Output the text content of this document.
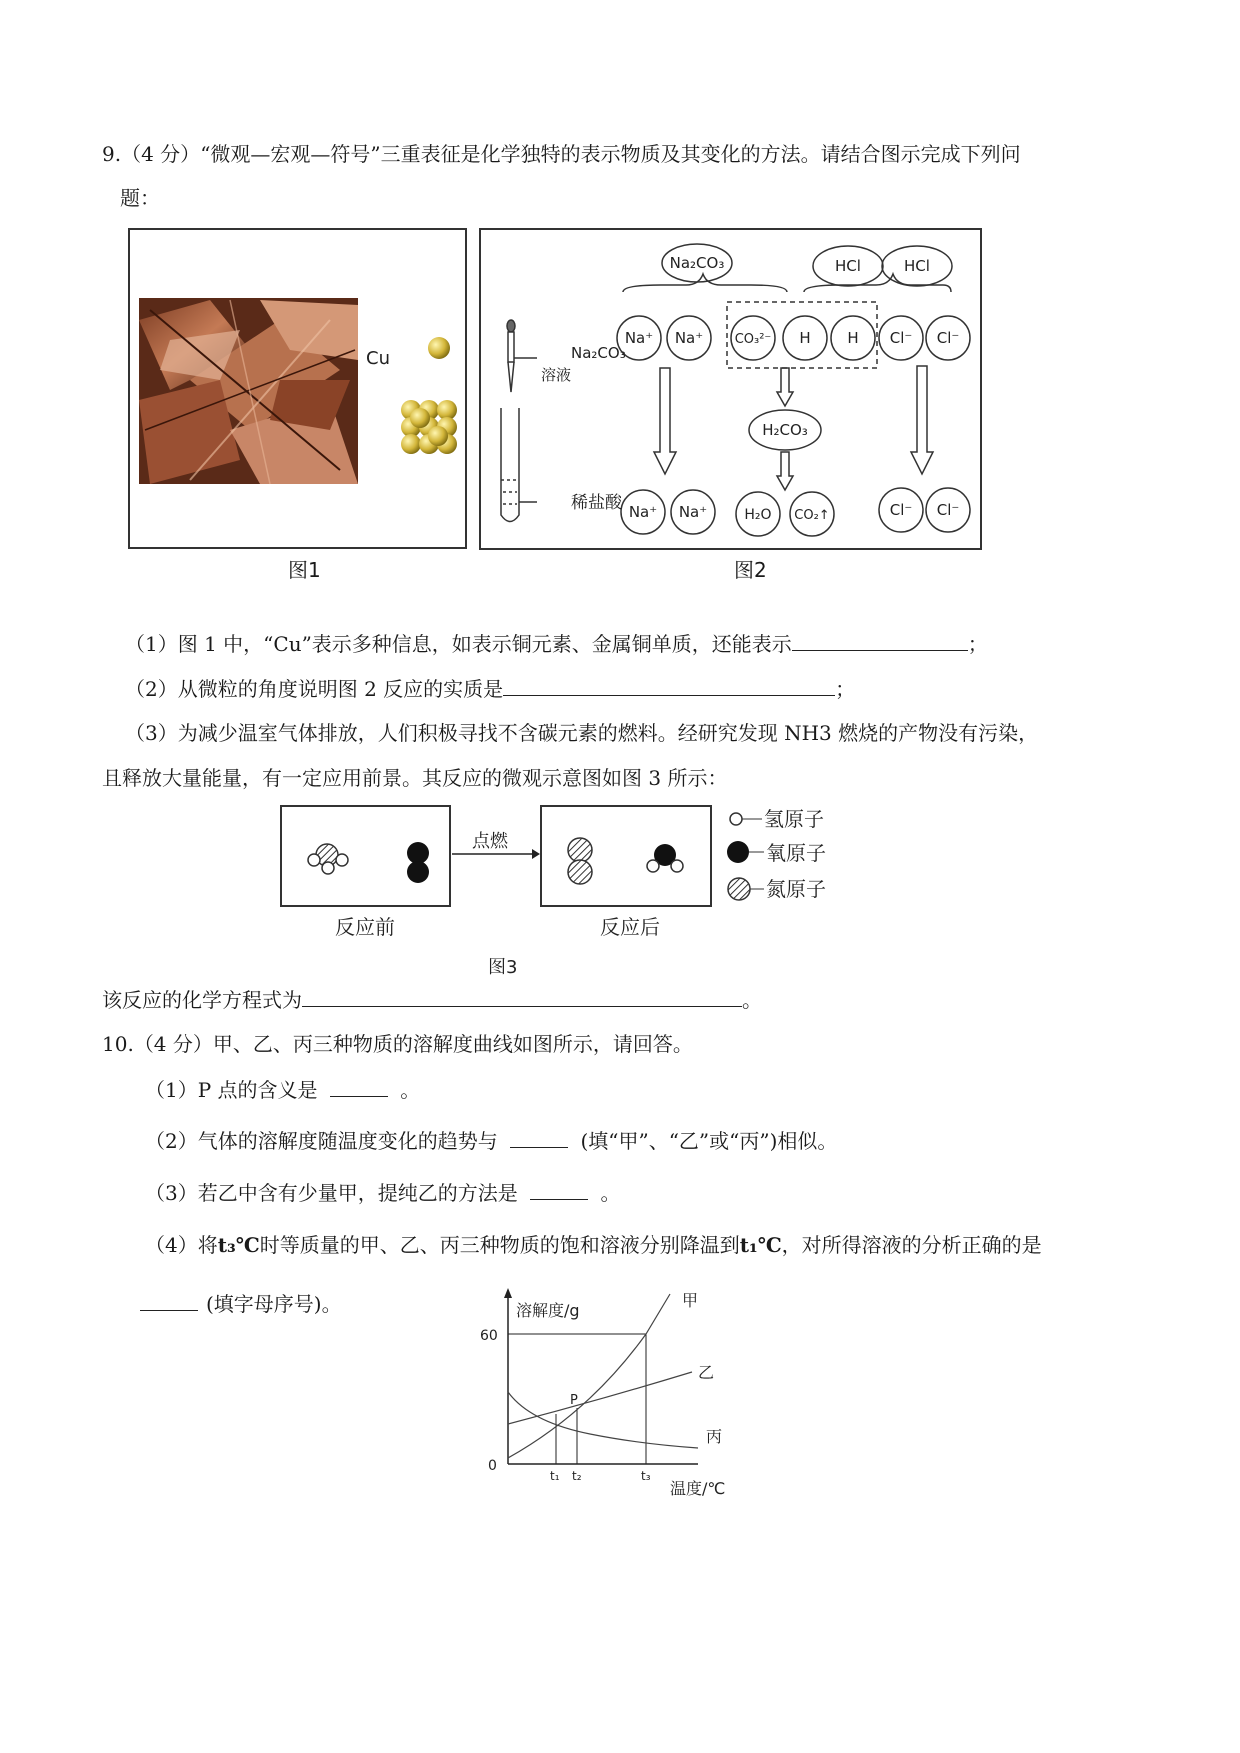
9.（4 分）“微观—宏观—符号”三重表征是化学独特的表示物质及其变化的方法。请结合图示完成下列问
题：
Cu
图1
Na₂CO₃
溶液
稀盐酸
Na₂CO₃	HCl	HCl
Na⁺ Na⁺ CO₃²⁻ H H Cl⁻ Cl⁻
H₂CO₃
Na⁺ Na⁺	H₂O CO₂↑	Cl⁻ Cl⁻
图2
（1）图 1 中，“Cu”表示多种信息，如表示铜元素、金属铜单质，还能表示	；
（2）从微粒的角度说明图 2 反应的实质是	；
（3）为减少温室气体排放，人们积极寻找不含碳元素的燃料。经研究发现 NH3 燃烧的产物没有污染，
且释放大量能量，有一定应用前景。其反应的微观示意图如图 3 所示：
点燃
氢原子
氧原子
氮原子
反应前	反应后
图3
该反应的化学方程式为	。
10.（4 分）甲、乙、丙三种物质的溶解度曲线如图所示，请回答。
（1）P 点的含义是	。
（2）气体的溶解度随温度变化的趋势与	(填“甲”、“乙”或“丙”)相似。
（3）若乙中含有少量甲，提纯乙的方法是	。
（4）将t₃℃时等质量的甲、乙、丙三种物质的饱和溶液分别降温到t₁℃，对所得溶液的分析正确的是
(填字母序号)。	溶解度/g
60
0
t₁ t₂	t₃
温度/℃
P
甲
乙
丙
